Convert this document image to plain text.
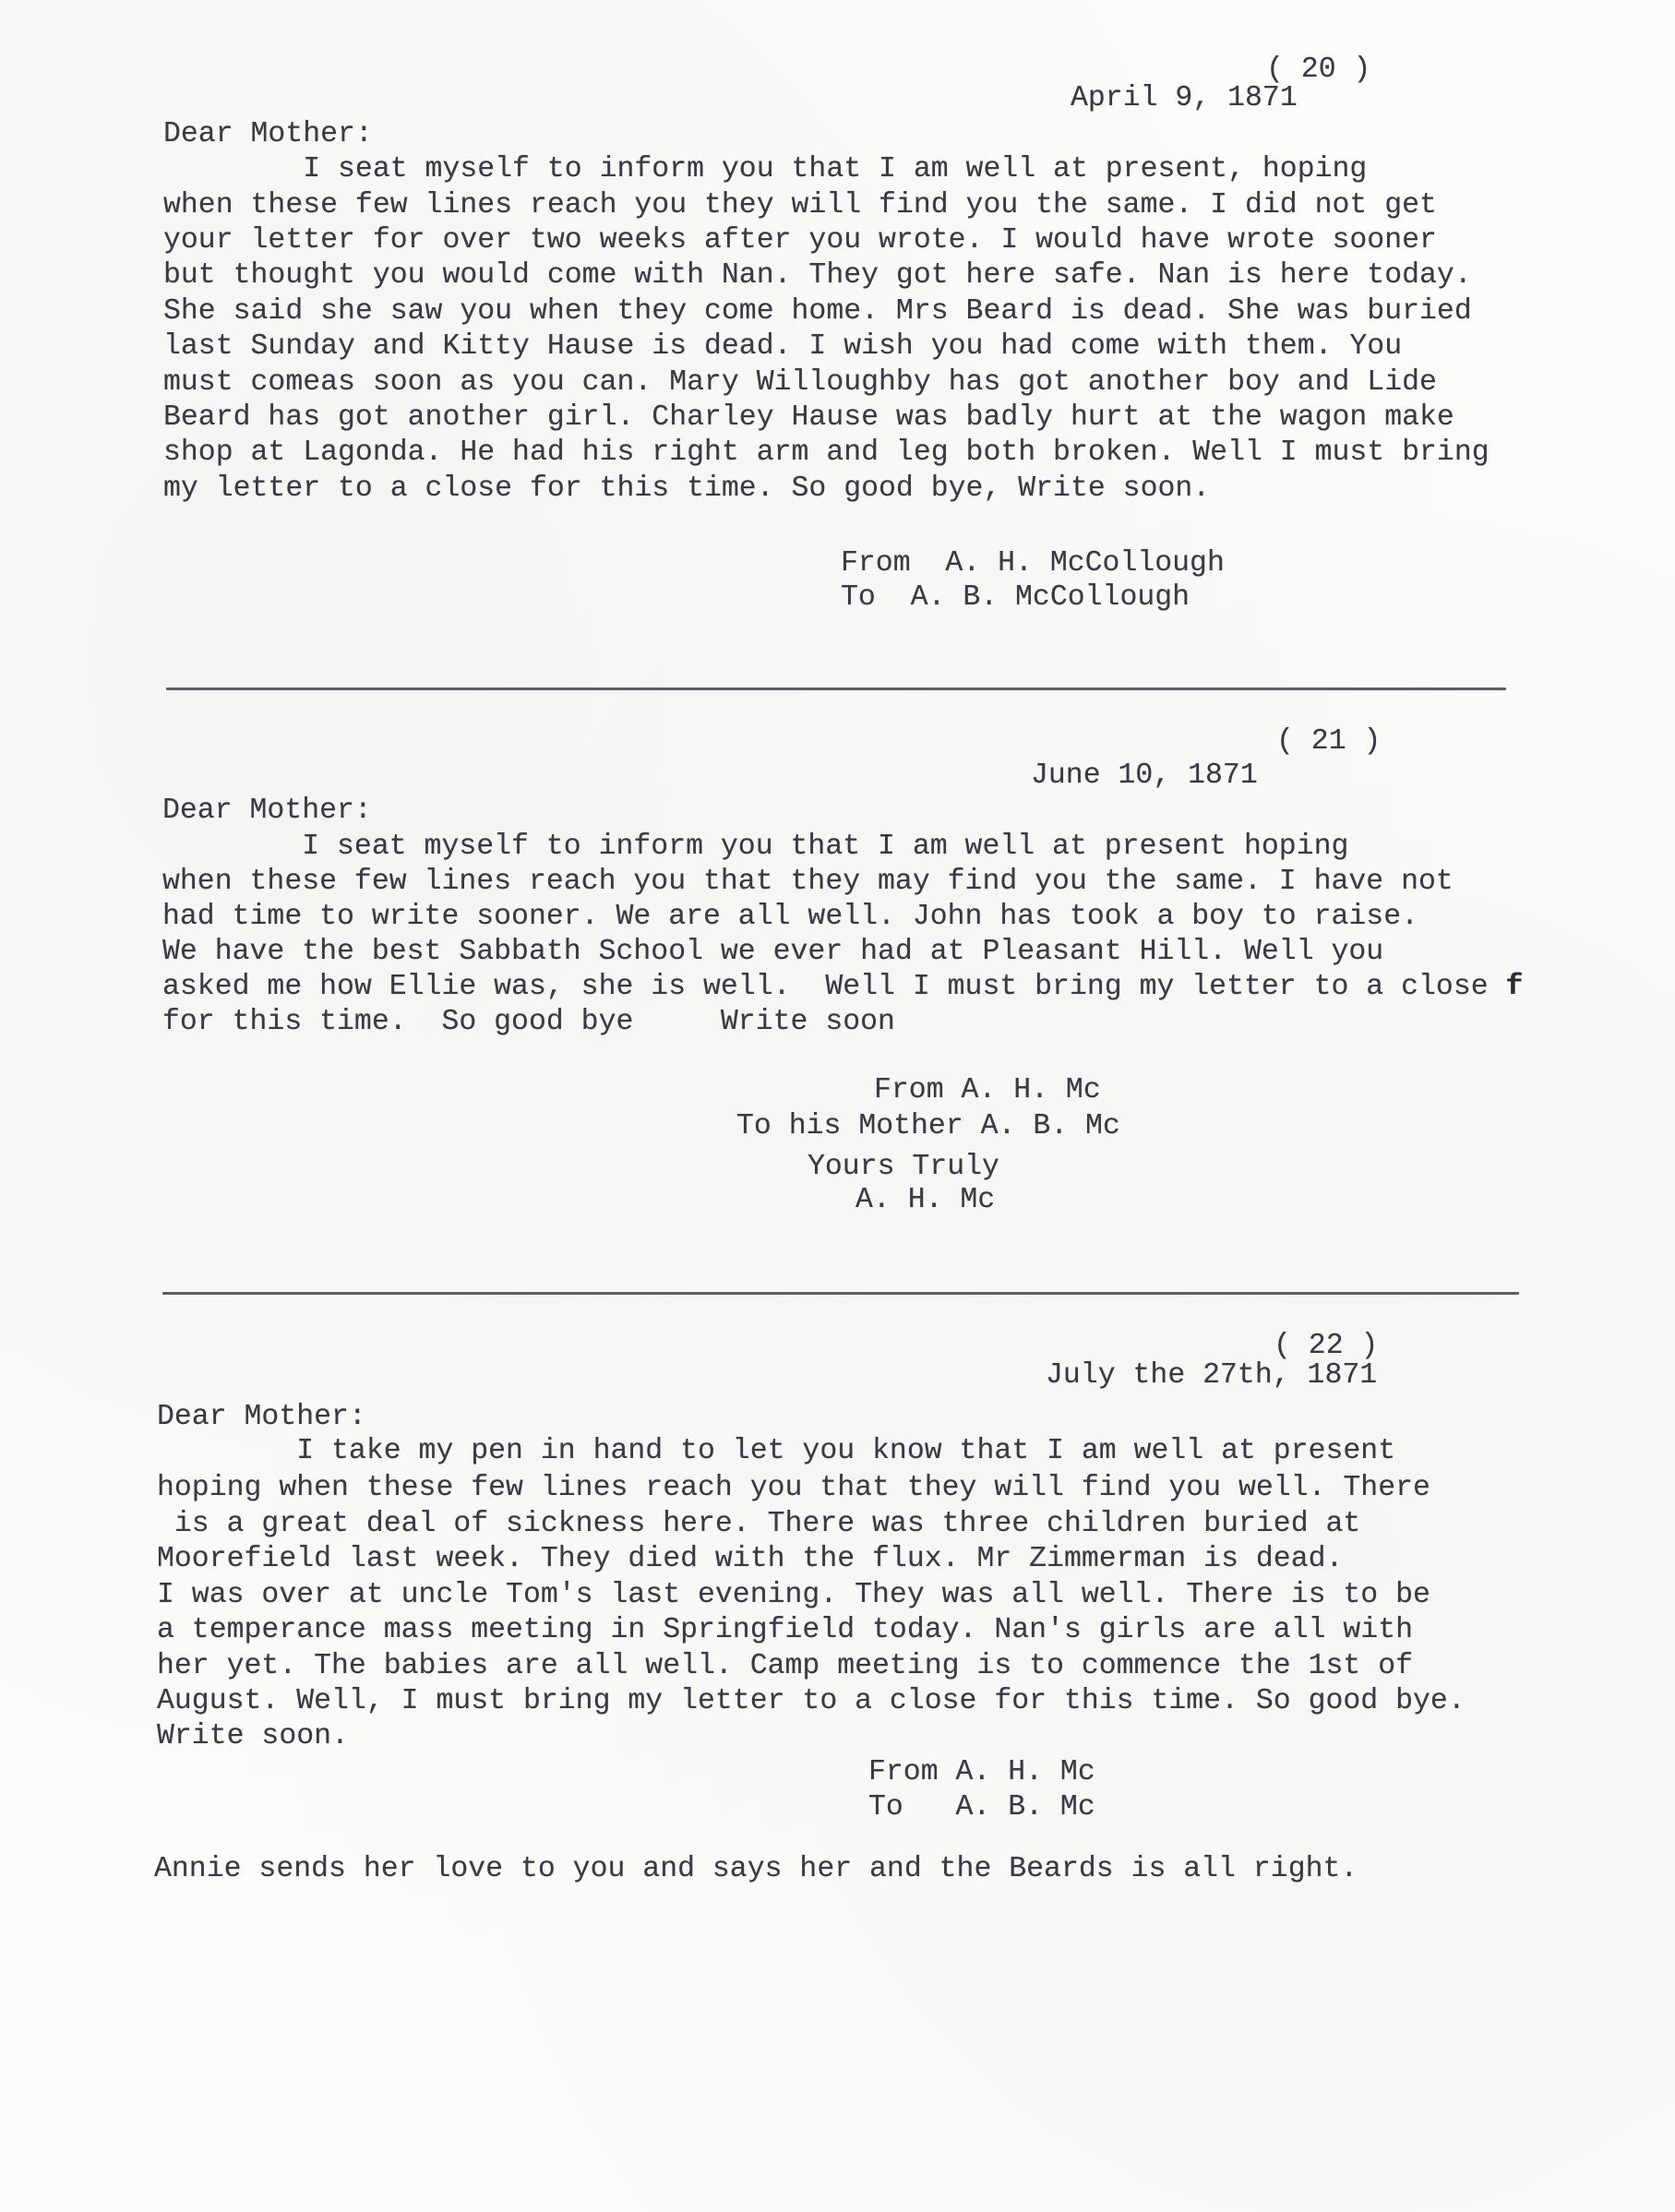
( 20 )
April 9, 1871
Dear Mother:
I seat myself to inform you that I am well at present, hoping
when these few lines reach you they will find you the same. I did not get
your letter for over two weeks after you wrote. I would have wrote sooner
but thought you would come with Nan. They got here safe. Nan is here today.
She said she saw you when they come home. Mrs Beard is dead. She was buried
last Sunday and Kitty Hause is dead. I wish you had come with them. You
must comeas soon as you can. Mary Willoughby has got another boy and Lide
Beard has got another girl. Charley Hause was badly hurt at the wagon make
shop at Lagonda. He had his right arm and leg both broken. Well I must bring
my letter to a close for this time. So good bye, Write soon.
From  A. H. McCollough
To  A. B. McCollough
( 21 )
June 10, 1871
Dear Mother:
I seat myself to inform you that I am well at present hoping
when these few lines reach you that they may find you the same. I have not
had time to write sooner. We are all well. John has took a boy to raise.
We have the best Sabbath School we ever had at Pleasant Hill. Well you
asked me how Ellie was, she is well.  Well I must bring my letter to a close f
for this time.  So good bye     Write soon
From A. H. Mc
To his Mother A. B. Mc
Yours Truly
A. H. Mc
( 22 )
July the 27th, 1871
Dear Mother:
I take my pen in hand to let you know that I am well at present
hoping when these few lines reach you that they will find you well. There
is a great deal of sickness here. There was three children buried at
Moorefield last week. They died with the flux. Mr Zimmerman is dead.
I was over at uncle Tom's last evening. They was all well. There is to be
a temperance mass meeting in Springfield today. Nan's girls are all with
her yet. The babies are all well. Camp meeting is to commence the 1st of
August. Well, I must bring my letter to a close for this time. So good bye.
Write soon.
From A. H. Mc
To   A. B. Mc
Annie sends her love to you and says her and the Beards is all right.
